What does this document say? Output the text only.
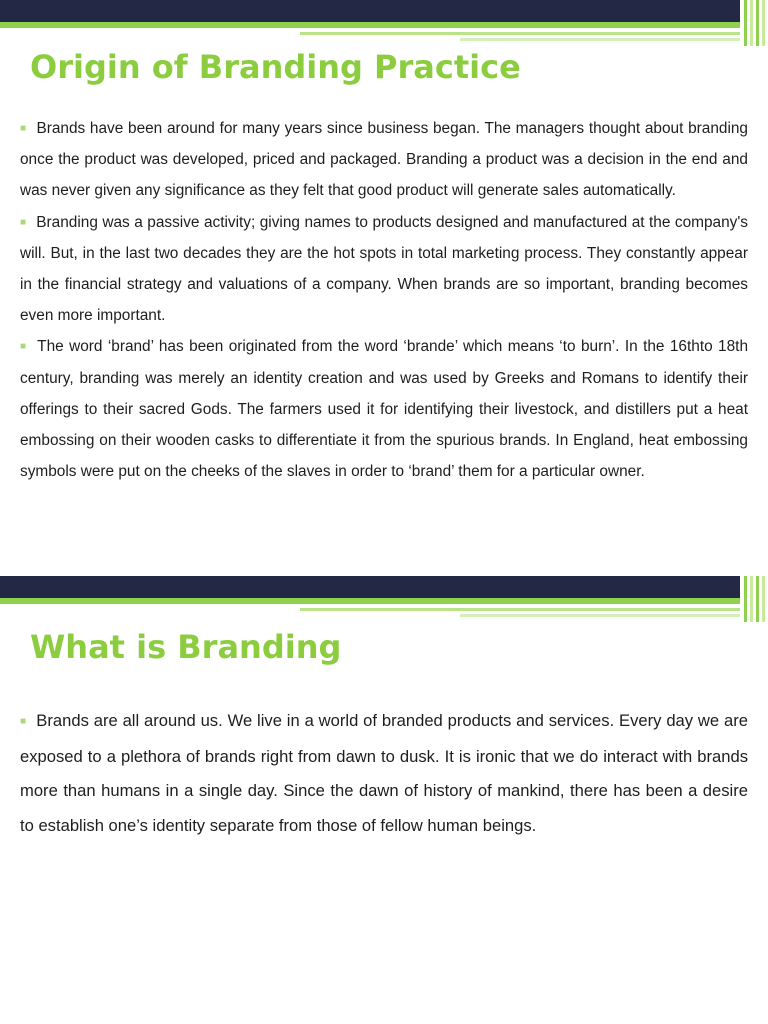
Origin of Branding Practice

■ Brands have been around for many years since business began. The managers thought about branding once the product was developed, priced and packaged. Branding a product was a decision in the end and was never given any significance as they felt that good product will generate sales automatically.

■ Branding was a passive activity; giving names to products designed and manufactured at the company's will. But, in the last two decades they are the hot spots in total marketing process. They constantly appear in the financial strategy and valuations of a company. When brands are so important, branding becomes even more important.

■ The word ‘brand’ has been originated from the word ‘brande’ which means ‘to burn’. In the 16thto 18th century, branding was merely an identity creation and was used by Greeks and Romans to identify their offerings to their sacred Gods. The farmers used it for identifying their livestock, and distillers put a heat embossing on their wooden casks to differentiate it from the spurious brands. In England, heat embossing symbols were put on the cheeks of the slaves in order to ‘brand’ them for a particular owner.

What is Branding

■ Brands are all around us. We live in a world of branded products and services. Every day we are exposed to a plethora of brands right from dawn to dusk. It is ironic that we do interact with brands more than humans in a single day. Since the dawn of history of mankind, there has been a desire to establish one’s identity separate from those of fellow human beings.
